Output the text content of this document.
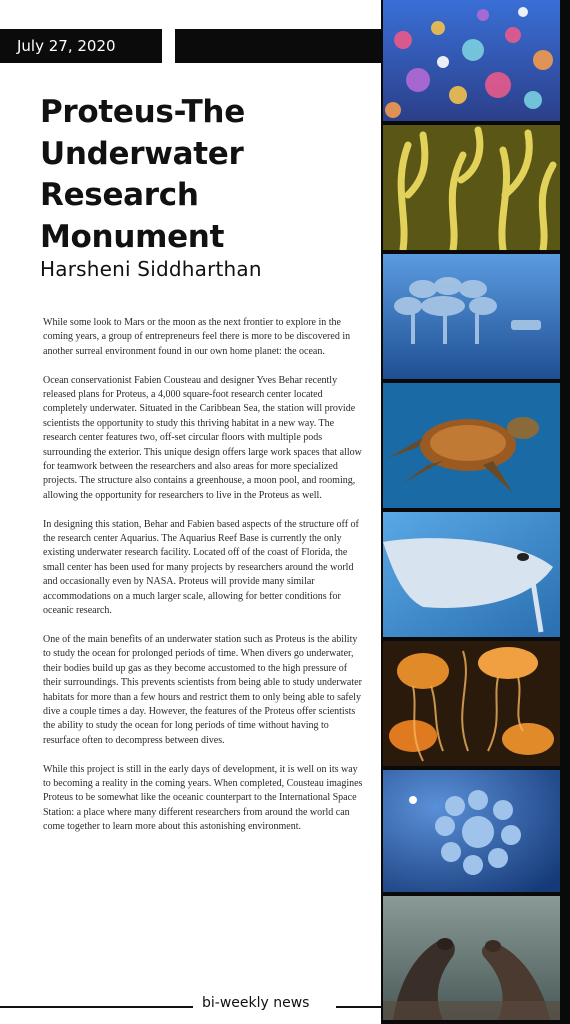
July 27, 2020
Proteus-The Underwater Research Monument
Harsheni Siddharthan

While some look to Mars or the moon as the next frontier to explore in the coming years, a group of entrepreneurs feel there is more to be discovered in another surreal environment found in our own home planet: the ocean.

Ocean conservationist Fabien Cousteau and designer Yves Behar recently released plans for Proteus, a 4,000 square-foot research center located completely underwater. Situated in the Caribbean Sea, the station will provide scientists the opportunity to study this thriving habitat in a new way. The research center features two, off-set circular floors with multiple pods surrounding the exterior. This unique design offers large work spaces that allow for teamwork between the researchers and also areas for more specialized projects. The structure also contains a greenhouse, a moon pool, and rooming, allowing the opportunity for researchers to live in the Proteus as well.

In designing this station, Behar and Fabien based aspects of the structure off of the research center Aquarius. The Aquarius Reef Base is currently the only existing underwater research facility. Located off of the coast of Florida, the small center has been used for many projects by researchers around the world and occasionally even by NASA. Proteus will provide many similar accommodations on a much larger scale, allowing for better conditions for oceanic research.

One of the main benefits of an underwater station such as Proteus is the ability to study the ocean for prolonged periods of time. When divers go underwater, their bodies build up gas as they become accustomed to the high pressure of their surroundings. This prevents scientists from being able to study underwater habitats for more than a few hours and restrict them to only being able to safely dive a couple times a day. However, the features of the Proteus offer scientists the ability to study the ocean for long periods of time without having to resurface often to decompress between dives.

While this project is still in the early days of development, it is well on its way to becoming a reality in the coming years. When completed, Cousteau imagines Proteus to be somewhat like the oceanic counterpart to the International Space Station: a place where many different researchers from around the world can come together to learn more about this astonishing environment.

bi-weekly news
